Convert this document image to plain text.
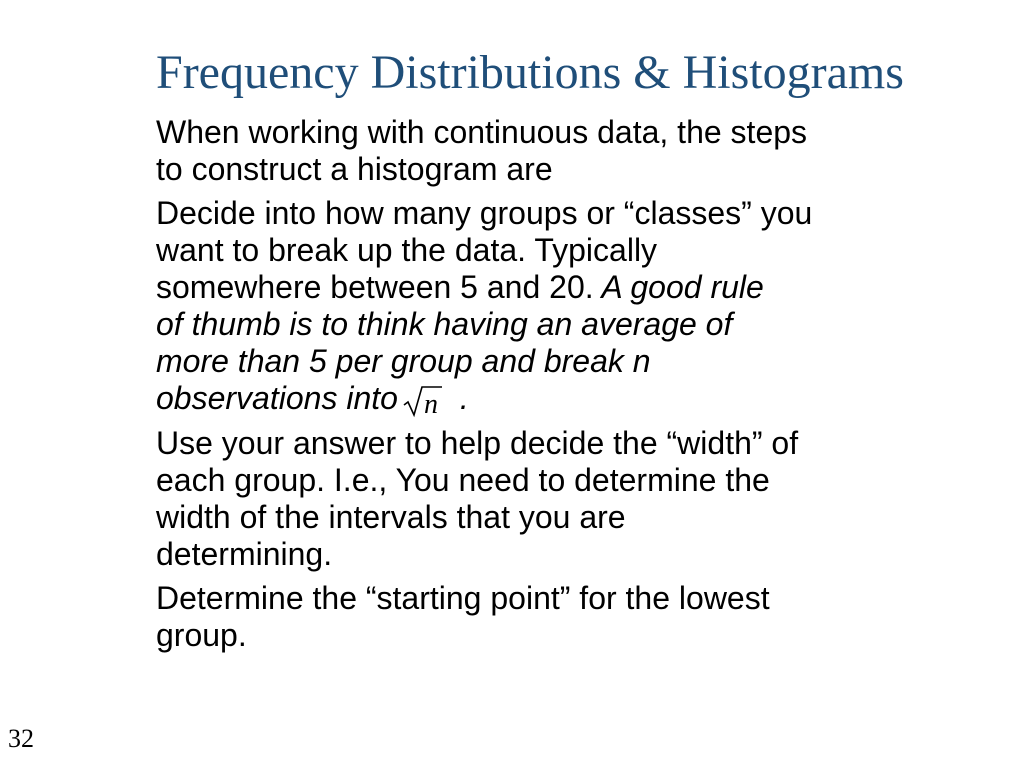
Frequency Distributions & Histograms

When working with continuous data, the steps
to construct a histogram are

Decide into how many groups or “classes” you
want to break up the data. Typically
somewhere between 5 and 20. A good rule
of thumb is to think having an average of
more than 5 per group and break n
observations into n .

Use your answer to help decide the “width” of
each group. I.e., You need to determine the
width of the intervals that you are
determining.

Determine the “starting point” for the lowest
group.

32
